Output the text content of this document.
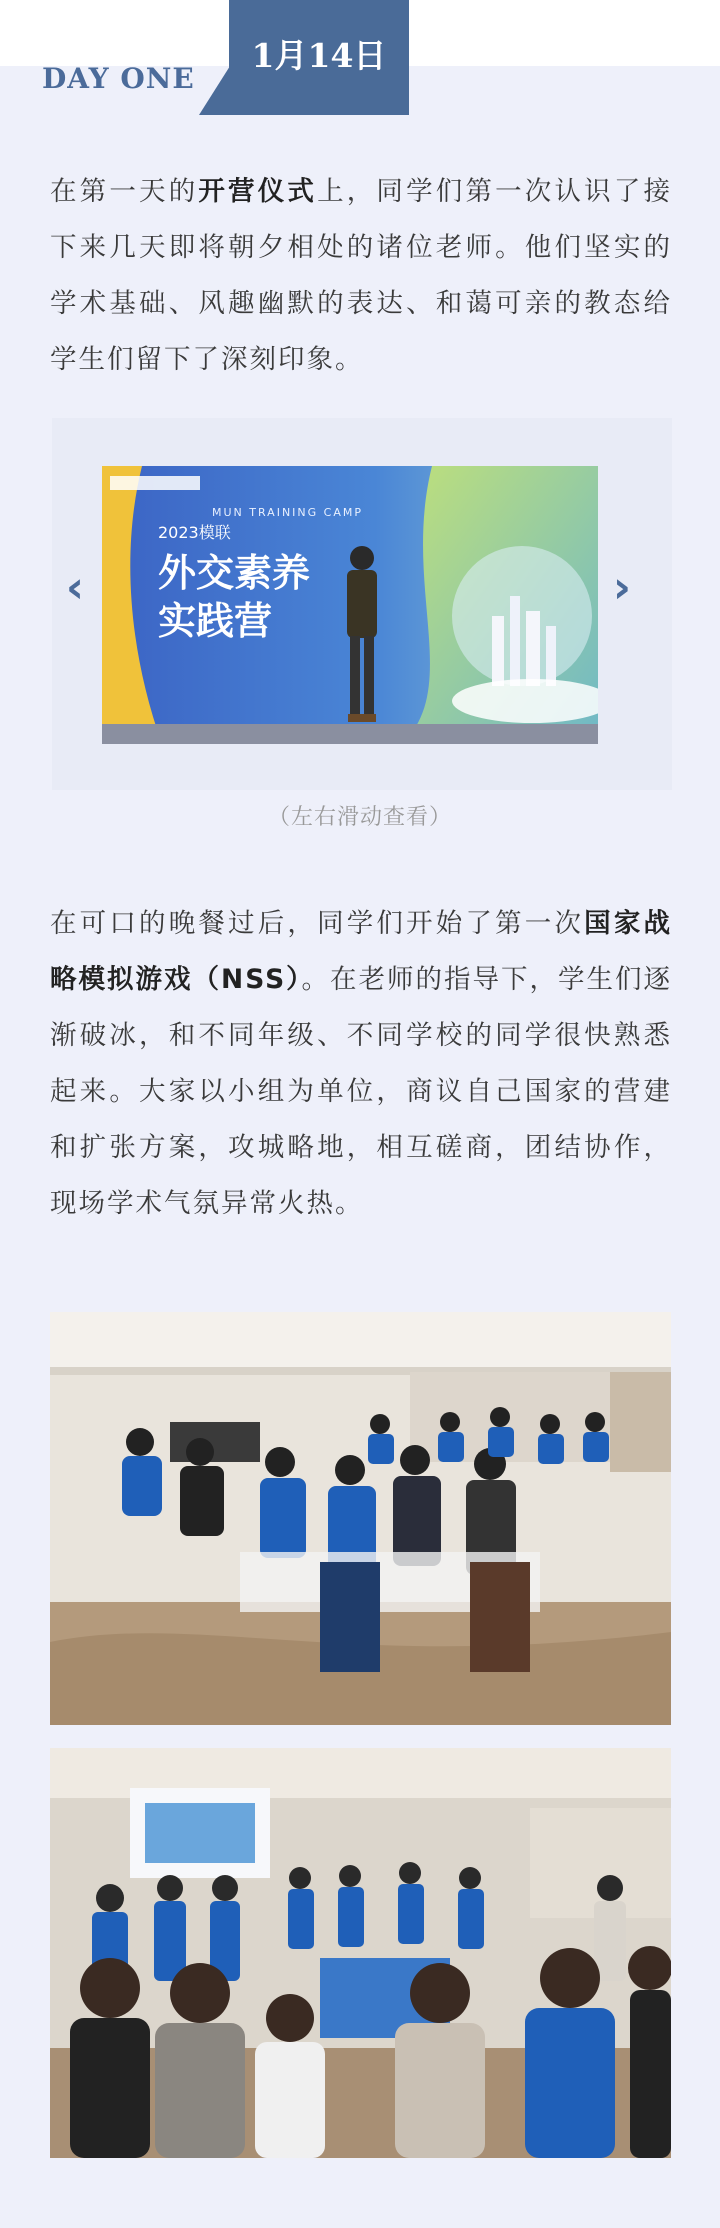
DAY ONE
1月14日

在第一天的开营仪式上，同学们第一次认识了接下来几天即将朝夕相处的诸位老师。他们坚实的学术基础、风趣幽默的表达、和蔼可亲的教态给学生们留下了深刻印象。

‹
MUN TRAINING CAMP
2023模联
外交素养
实践营
›
（左右滑动查看）

在可口的晚餐过后，同学们开始了第一次国家战略模拟游戏（NSS）。在老师的指导下，学生们逐渐破冰，和不同年级、不同学校的同学很快熟悉起来。大家以小组为单位，商议自己国家的营建和扩张方案，攻城略地，相互磋商，团结协作，现场学术气氛异常火热。
